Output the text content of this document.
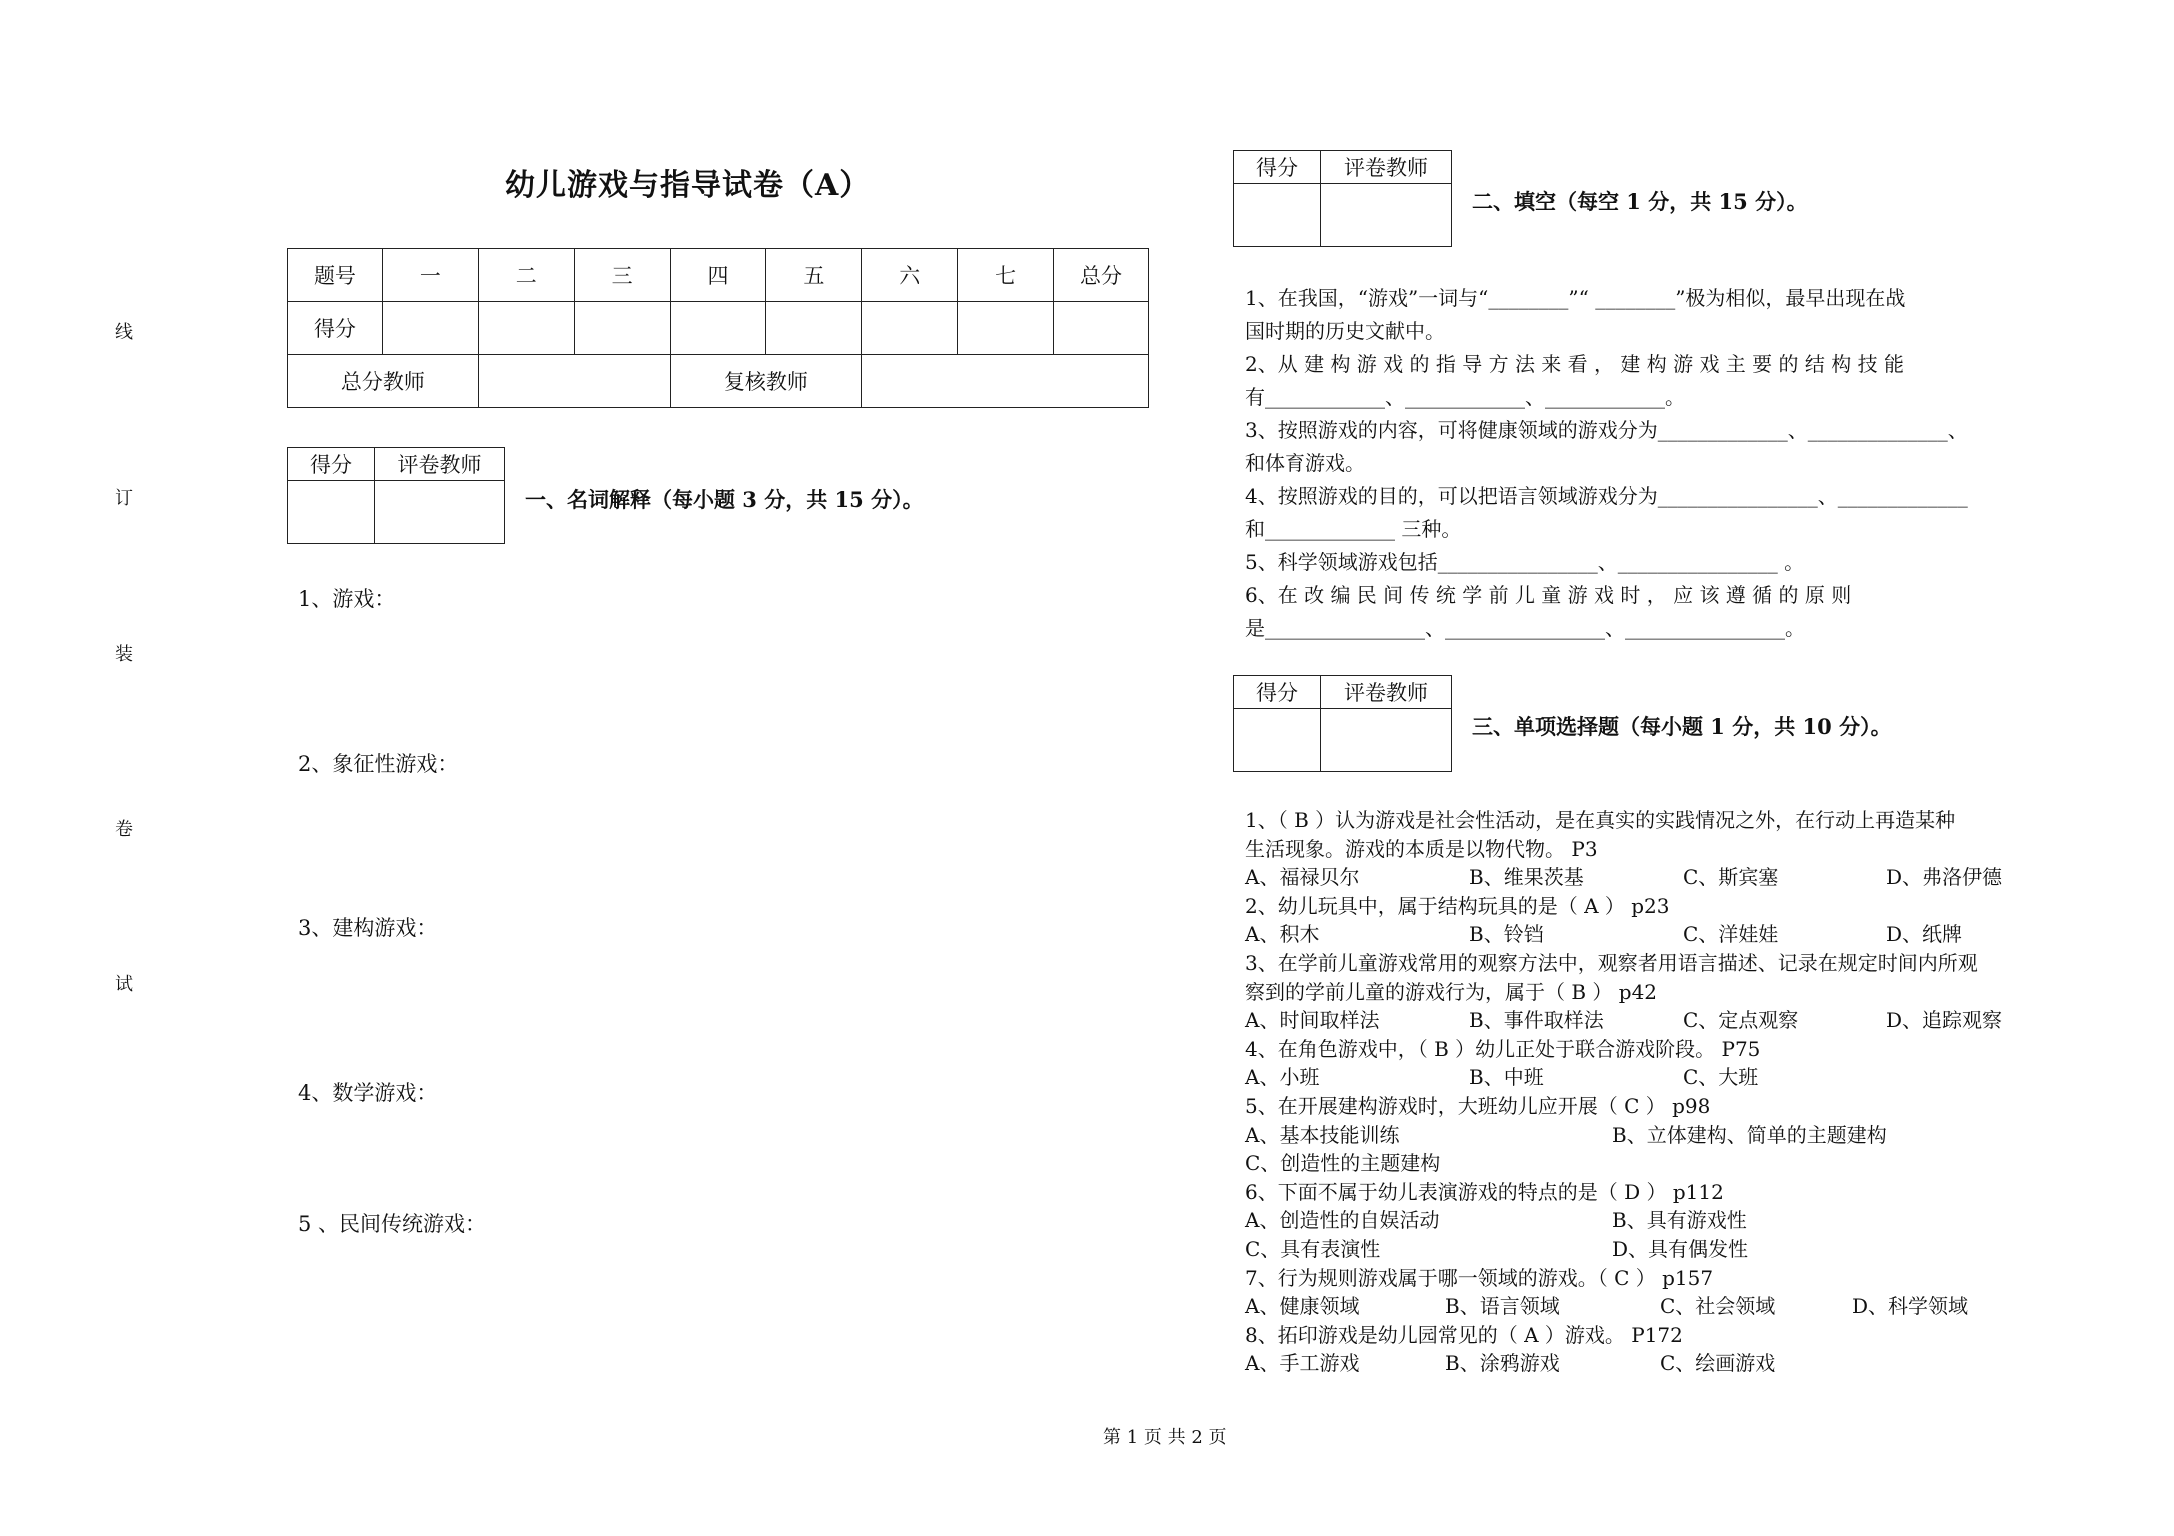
线
订
装
卷
试
幼儿游戏与指导试卷（A）
题号	一	二	三	四	五	六	七	总分
得分								
总分教师				复核教师				
得分	评卷教师

一、名词解释（每小题 3 分，共 15 分）。
1、游戏：
2、象征性游戏：
3、建构游戏：
4、数学游戏：
5 、民间传统游戏：
得分	评卷教师

二、填空（每空 1 分，共 15 分）。
1、在我国，“游戏”一词与“________”“ ________”极为相似，最早出现在战
国时期的历史文献中。
2、从 建 构 游 戏 的 指 导 方 法 来 看 ， 建 构 游 戏 主 要 的 结 构 技 能
有____________、____________、____________。
3、按照游戏的内容，可将健康领域的游戏分为_____________、______________、
和体育游戏。
4、按照游戏的目的，可以把语言领域游戏分为________________、_____________
和_____________ 三种。
5、科学领域游戏包括________________、________________ 。
6、在 改 编 民 间 传 统 学 前 儿 童 游 戏 时 ， 应 该 遵 循 的 原 则
是________________、________________、________________。
得分	评卷教师

三、单项选择题（每小题 1 分，共 10 分）。
1、（ B ）认为游戏是社会性活动，是在真实的实践情况之外，在行动上再造某种
生活现象。游戏的本质是以物代物。 P3
A、福禄贝尔	B、维果茨基	C、斯宾塞	D、弗洛伊德
2、幼儿玩具中，属于结构玩具的是（ A ） p23
A、积木	B、铃铛	C、洋娃娃	D、纸牌
3、在学前儿童游戏常用的观察方法中，观察者用语言描述、记录在规定时间内所观
察到的学前儿童的游戏行为，属于（ B ） p42
A、时间取样法	B、事件取样法	C、定点观察	D、追踪观察
4、在角色游戏中，（ B ）幼儿正处于联合游戏阶段。 P75
A、小班	B、中班	C、大班
5、在开展建构游戏时，大班幼儿应开展（ C ） p98
A、基本技能训练	B、立体建构、简单的主题建构
C、创造性的主题建构
6、下面不属于幼儿表演游戏的特点的是（ D ） p112
A、创造性的自娱活动	B、具有游戏性
C、具有表演性	D、具有偶发性
7、行为规则游戏属于哪一领域的游戏。（ C ） p157
A、健康领域	B、语言领域	C、社会领域	D、科学领域
8、拓印游戏是幼儿园常见的（ A ）游戏。 P172
A、手工游戏	B、涂鸦游戏	C、绘画游戏
第 1 页 共 2 页
